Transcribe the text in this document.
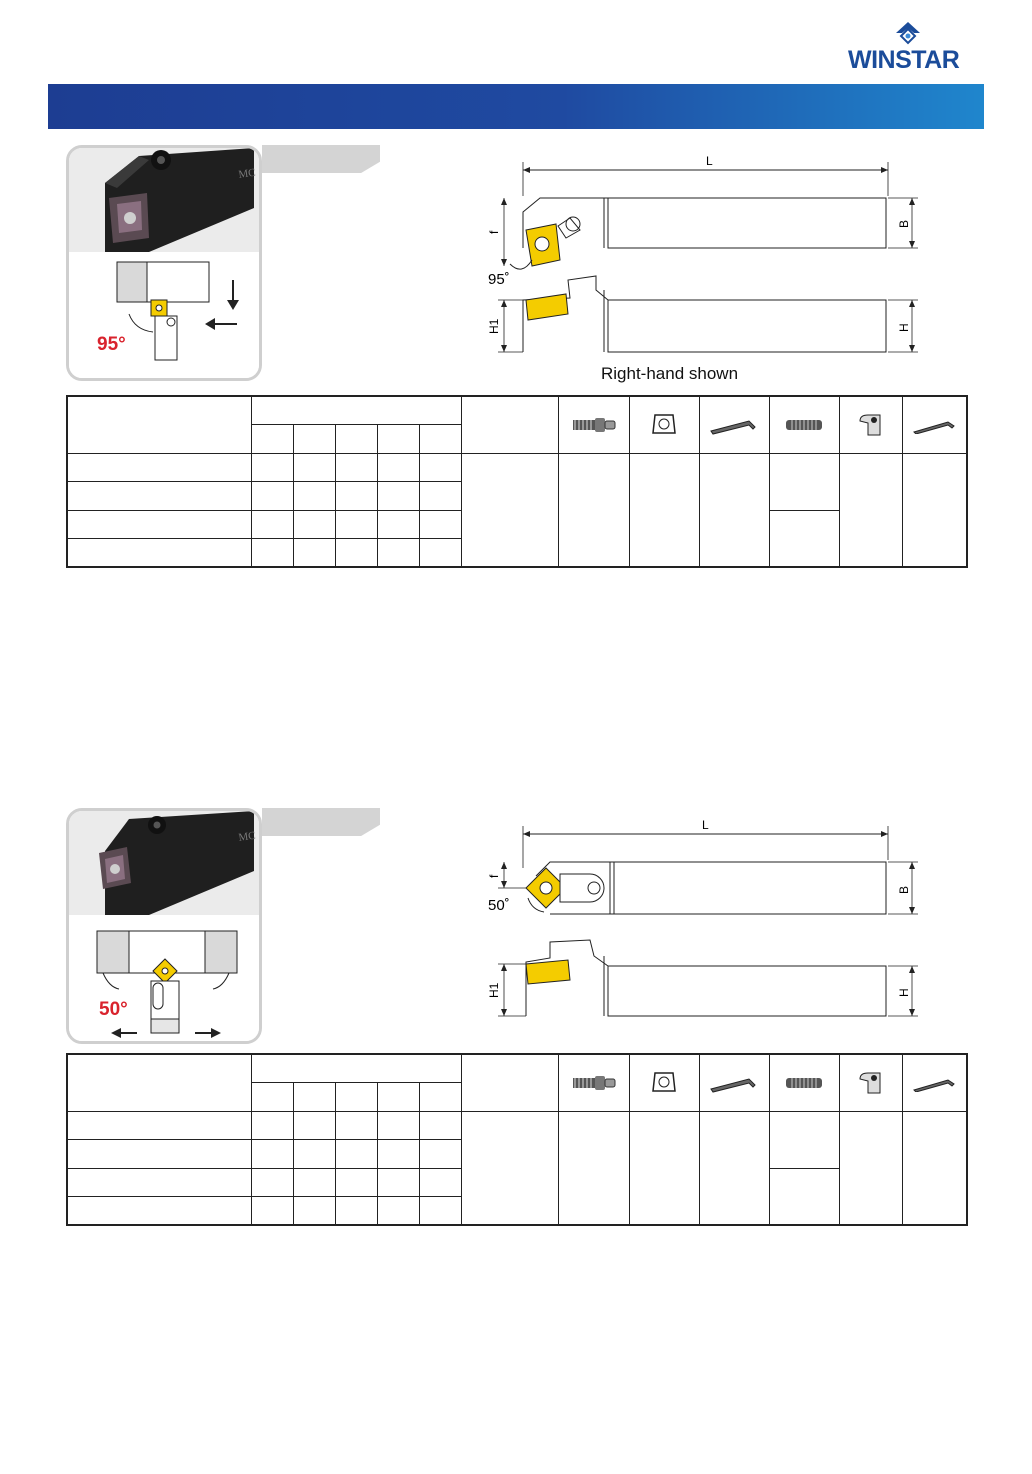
WINSTAR
MC
95°
L
95˚
f
B
H1	H
Right-hand shown

MC
50°
L
50˚
f
B
H1	H
